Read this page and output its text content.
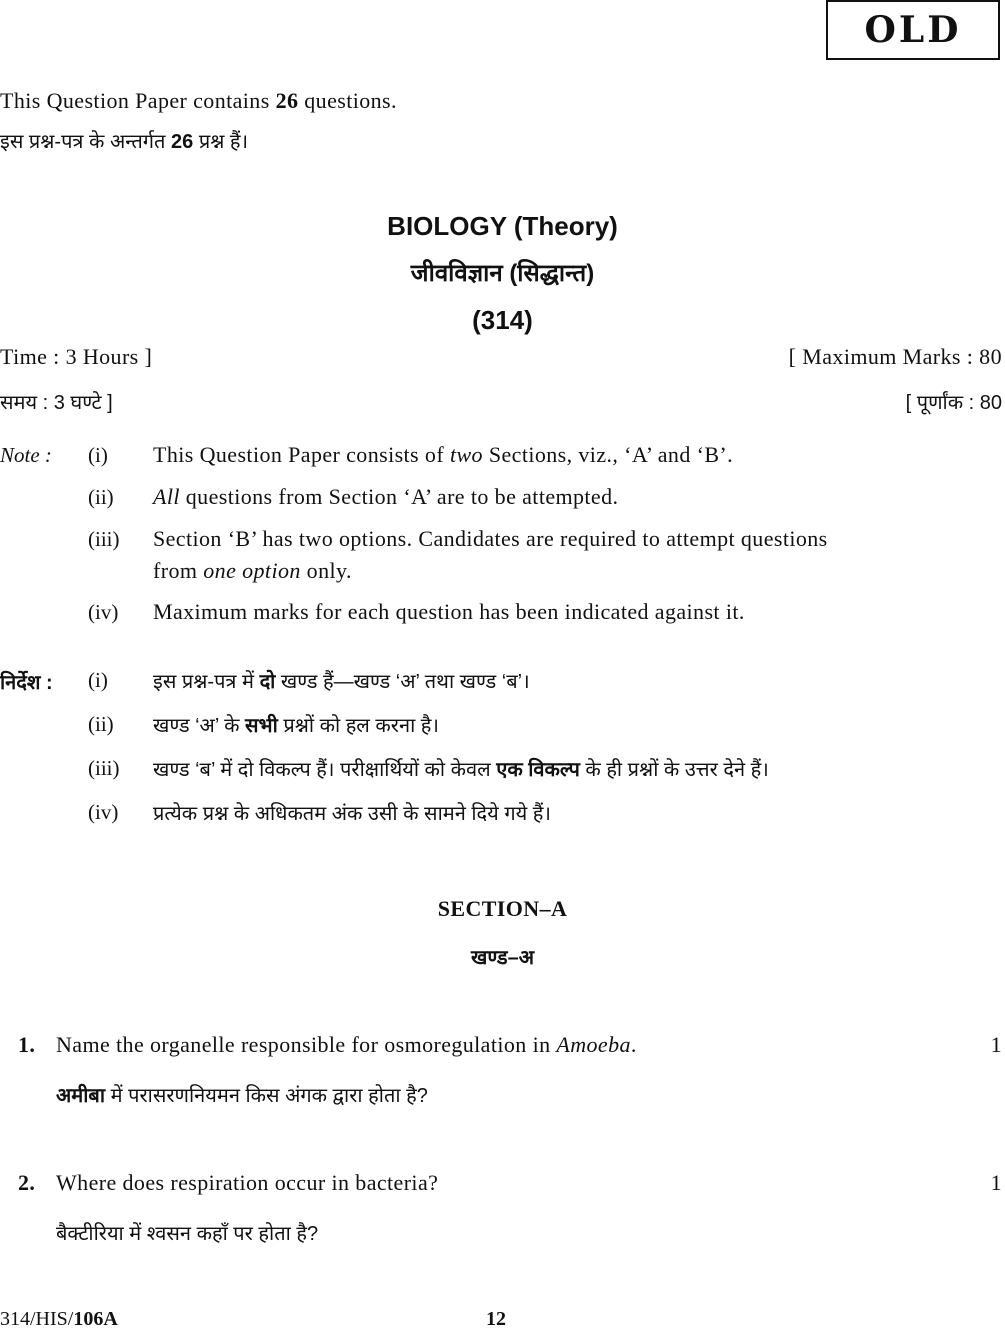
OLD
This Question Paper contains 26 questions.
इस प्रश्न-पत्र के अन्तर्गत 26 प्रश्न हैं।
BIOLOGY (Theory)
जीवविज्ञान (सिद्धान्त)
(314)
Time : 3 Hours ]	[ Maximum Marks : 80
समय : 3 घण्टे ]	[ पूर्णांक : 80
Note : (i) This Question Paper consists of two Sections, viz., ‘A’ and ‘B’.
(ii) All questions from Section ‘A’ are to be attempted.
(iii) Section ‘B’ has two options. Candidates are required to attempt questions
from one option only.
(iv) Maximum marks for each question has been indicated against it.
निर्देश : (i) इस प्रश्न-पत्र में दो खण्ड हैं—खण्ड ‘अ’ तथा खण्ड ‘ब’।
(ii) खण्ड ‘अ’ के सभी प्रश्नों को हल करना है।
(iii) खण्ड ‘ब’ में दो विकल्प हैं। परीक्षार्थियों को केवल एक विकल्प के ही प्रश्नों के उत्तर देने हैं।
(iv) प्रत्येक प्रश्न के अधिकतम अंक उसी के सामने दिये गये हैं।
SECTION–A
खण्ड–अ
1. Name the organelle responsible for osmoregulation in Amoeba.	1
अमीबा में परासरणनियमन किस अंगक द्वारा होता है?
2. Where does respiration occur in bacteria?	1
बैक्टीरिया में श्वसन कहाँ पर होता है?
314/HIS/106A	12
